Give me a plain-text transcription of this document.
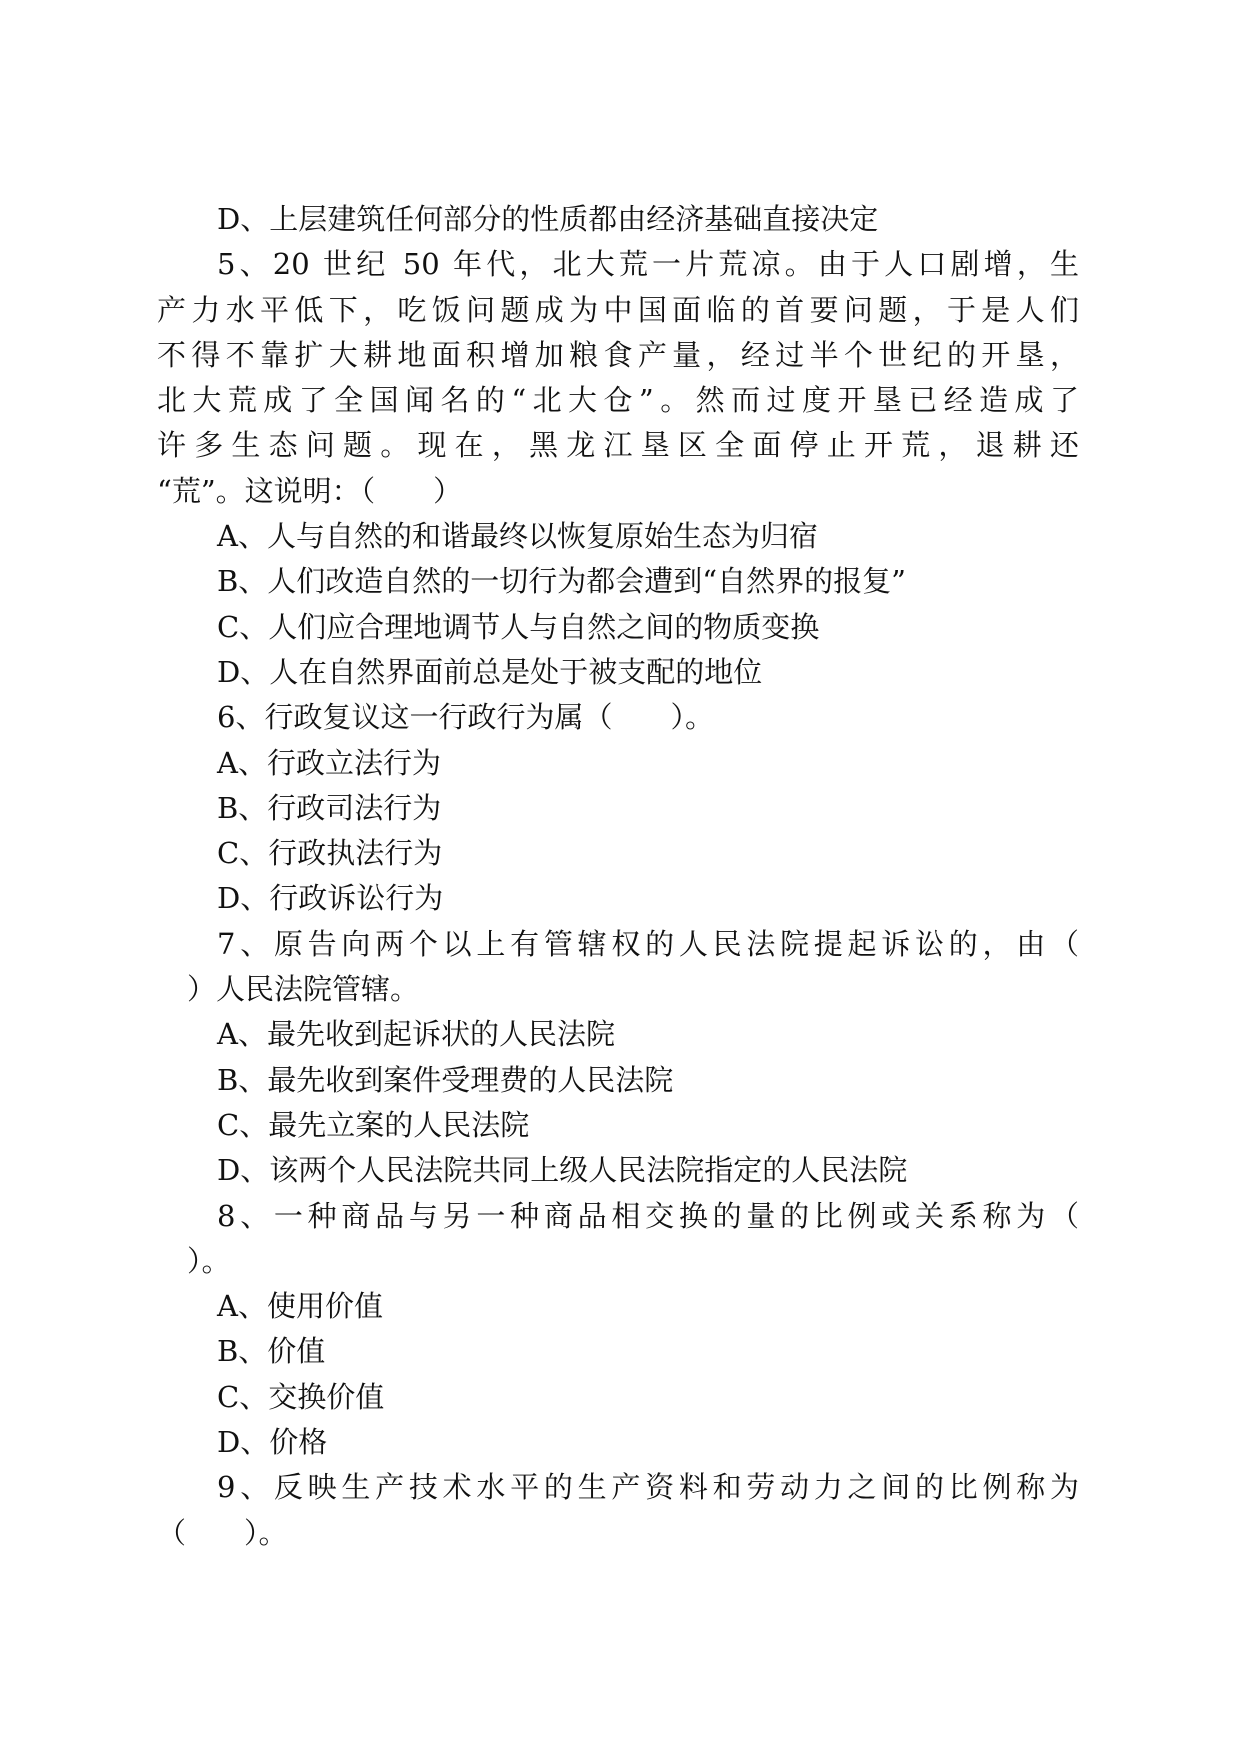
D、上层建筑任何部分的性质都由经济基础直接决定
5、20 世纪 50 年代，北大荒一片荒凉。由于人口剧增，生
产力水平低下，吃饭问题成为中国面临的首要问题，于是人们
不得不靠扩大耕地面积增加粮食产量，经过半个世纪的开垦，
北大荒成了全国闻名的“北大仓”。然而过度开垦已经造成了
许多生态问题。现在，黑龙江垦区全面停止开荒，退耕还
“荒”。这说明：（　　）
A、人与自然的和谐最终以恢复原始生态为归宿
B、人们改造自然的一切行为都会遭到“自然界的报复”
C、人们应合理地调节人与自然之间的物质变换
D、人在自然界面前总是处于被支配的地位
6、行政复议这一行政行为属（　　）。
A、行政立法行为
B、行政司法行为
C、行政执法行为
D、行政诉讼行为
7、原告向两个以上有管辖权的人民法院提起诉讼的，由（
）人民法院管辖。
A、最先收到起诉状的人民法院
B、最先收到案件受理费的人民法院
C、最先立案的人民法院
D、该两个人民法院共同上级人民法院指定的人民法院
8、一种商品与另一种商品相交换的量的比例或关系称为（
）。
A、使用价值
B、价值
C、交换价值
D、价格
9、反映生产技术水平的生产资料和劳动力之间的比例称为
（　　）。
